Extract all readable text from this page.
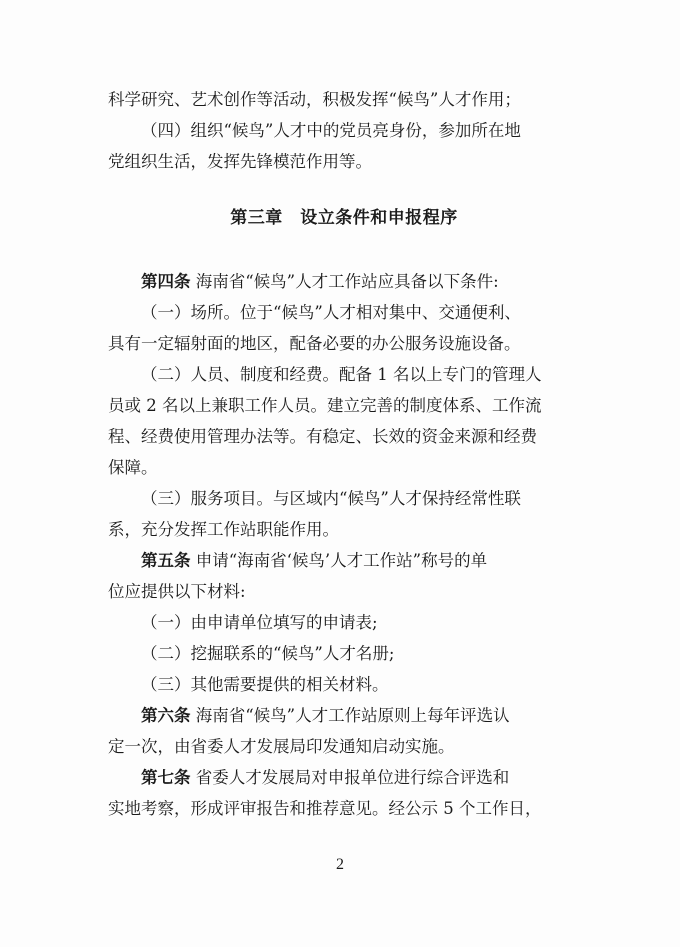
科学研究、艺术创作等活动，积极发挥“候鸟”人才作用；
（四）组织“候鸟”人才中的党员亮身份，参加所在地
党组织生活，发挥先锋模范作用等。
第三章　设立条件和申报程序
第四条 海南省“候鸟”人才工作站应具备以下条件:
（一）场所。位于“候鸟”人才相对集中、交通便利、
具有一定辐射面的地区，配备必要的办公服务设施设备。
（二）人员、制度和经费。配备 1 名以上专门的管理人
员或 2 名以上兼职工作人员。建立完善的制度体系、工作流
程、经费使用管理办法等。有稳定、长效的资金来源和经费
保障。
（三）服务项目。与区域内“候鸟”人才保持经常性联
系，充分发挥工作站职能作用。
第五条 申请“海南省‘候鸟’人才工作站”称号的单
位应提供以下材料:
（一）由申请单位填写的申请表;
（二）挖掘联系的“候鸟”人才名册;
（三）其他需要提供的相关材料。
第六条 海南省“候鸟”人才工作站原则上每年评选认
定一次，由省委人才发展局印发通知启动实施。
第七条 省委人才发展局对申报单位进行综合评选和
实地考察，形成评审报告和推荐意见。经公示 5 个工作日，
2
